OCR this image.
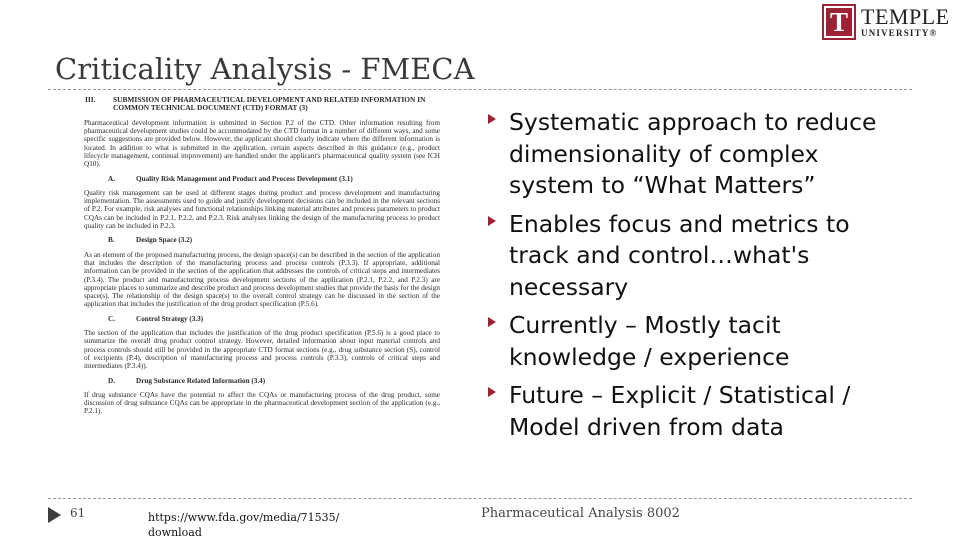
T TEMPLE
UNIVERSITY®
Criticality Analysis - FMECA
III.	SUBMISSION OF PHARMACEUTICAL DEVELOPMENT AND RELATED INFORMATION IN COMMON TECHNICAL DOCUMENT (CTD) FORMAT (3)

Pharmaceutical development information is submitted in Section P.2 of the CTD. Other information resulting from pharmaceutical development studies could be accommodated by the CTD format in a number of different ways, and some specific suggestions are provided below. However, the applicant should clearly indicate where the different information is located. In addition to what is submitted in the application, certain aspects described in this guidance (e.g., product lifecycle management, continual improvement) are handled under the applicant's pharmaceutical quality system (see ICH Q10).

A.	Quality Risk Management and Product and Process Development (3.1)

Quality risk management can be used at different stages during product and process development and manufacturing implementation. The assessments used to guide and justify development decisions can be included in the relevant sections of P.2. For example, risk analyses and functional relationships linking material attributes and process parameters to product CQAs can be included in P.2.1, P.2.2, and P.2.3. Risk analyses linking the design of the manufacturing process to product quality can be included in P.2.3.

B.	Design Space (3.2)

As an element of the proposed manufacturing process, the design space(s) can be described in the section of the application that includes the description of the manufacturing process and process controls (P.3.3). If appropriate, additional information can be provided in the section of the application that addresses the controls of critical steps and intermediates (P.3.4). The product and manufacturing process development sections of the application (P.2.1, P.2.2, and P.2.3) are appropriate places to summarize and describe product and process development studies that provide the basis for the design space(s). The relationship of the design space(s) to the overall control strategy can be discussed in the section of the application that includes the justification of the drug product specification (P.5.6).

C.	Control Strategy (3.3)

The section of the application that includes the justification of the drug product specification (P.5.6) is a good place to summarize the overall drug product control strategy. However, detailed information about input material controls and process controls should still be provided in the appropriate CTD format sections (e.g., drug substance section (S), control of excipients (P.4), description of manufacturing process and process controls (P.3.3), controls of critical steps and intermediates (P.3.4)).

D.	Drug Substance Related Information (3.4)

If drug substance CQAs have the potential to affect the CQAs or manufacturing process of the drug product, some discussion of drug substance CQAs can be appropriate in the pharmaceutical development section of the application (e.g., P.2.1).

Systematic approach to reduce dimensionality of complex system to “What Matters”
Enables focus and metrics to track and control…what's necessary
Currently – Mostly tacit knowledge / experience
Future – Explicit / Statistical / Model driven from data
61	https://www.fda.gov/media/71535/ download
Pharmaceutical Analysis 8002
